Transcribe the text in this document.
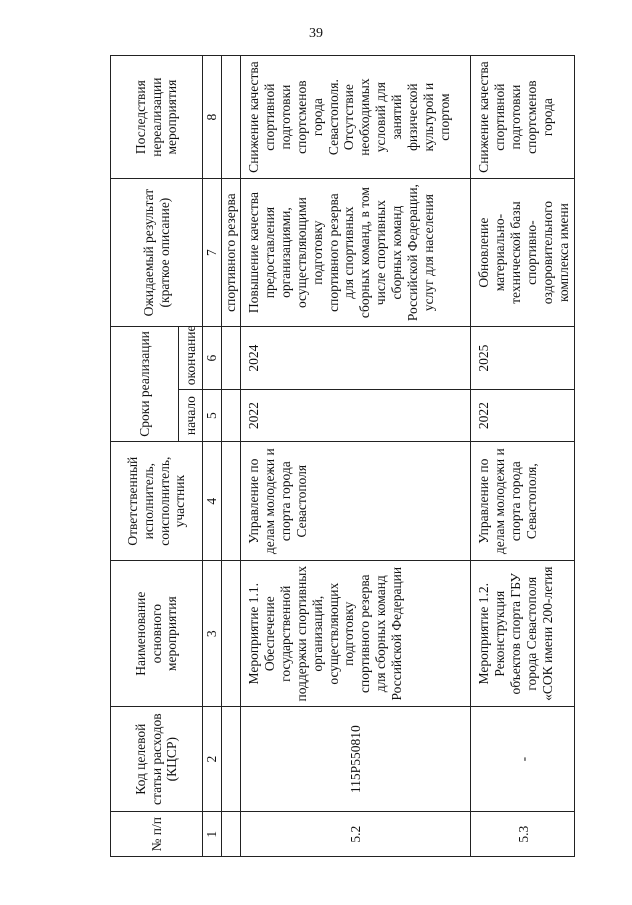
39
№ п/п	Код целевой статьи расходов (КЦСР)	Наименование основного мероприятия	Ответственный исполнитель, соисполнитель, участник	Сроки реализации		Ожидаемый результат (краткое описание)	Последствия нереализации мероприятия
				начало	окончание		
1	2	3	4	5	6	7	8
						спортивного резерва	
5.2	115Р550810	Мероприятие 1.1. Обеспечение государственной поддержки спортивных организаций, осуществляющих подготовку спортивного резерва для сборных команд Российской Федерации	Управление по делам молодежи и спорта города Севастополя	2022	2024	Повышение качества предоставления организациями, осуществляющими подготовку спортивного резерва для спортивных сборных команд, в том числе спортивных сборных команд Российской Федерации, услуг для населения	Снижение качества спортивной подготовки спортсменов города Севастополя. Отсутствие необходимых условий для занятий физической культурой и спортом
5.3	-	Мероприятие 1.2. Реконструкция объектов спорта ГБУ города Севастополя «СОК имени 200-летия	Управление по делам молодежи и спорта города Севастополя,	2022	2025	Обновление материально-технической базы спортивно-оздоровительного комплекса имени	Снижение качества спортивной подготовки спортсменов города
